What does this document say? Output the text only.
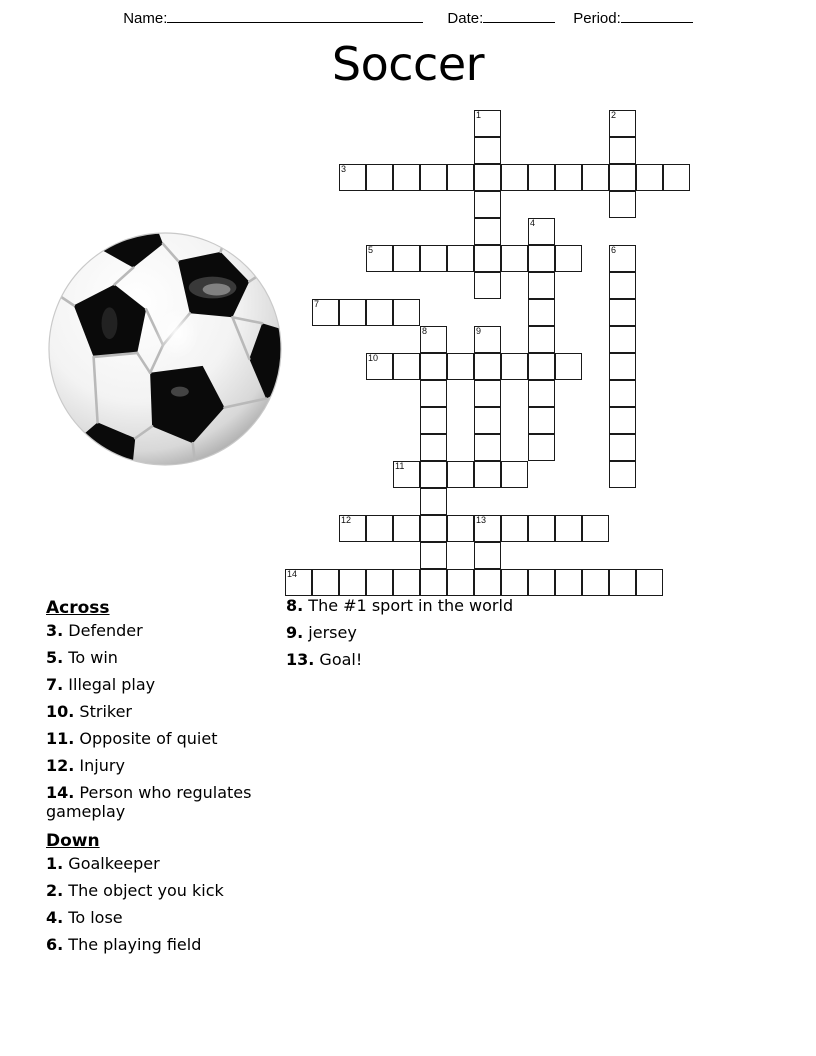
Name:	Date:	Period:
Soccer
1	2
3
4
5	6
7
8	9
10
11
12	13
14
Across
3. Defender
5. To win
7. Illegal play
10. Striker
11. Opposite of quiet
12. Injury
14. Person who regulates gameplay
Down
1. Goalkeeper
2. The object you kick
4. To lose
6. The playing field
8. The #1 sport in the world
9. jersey
13. Goal!
